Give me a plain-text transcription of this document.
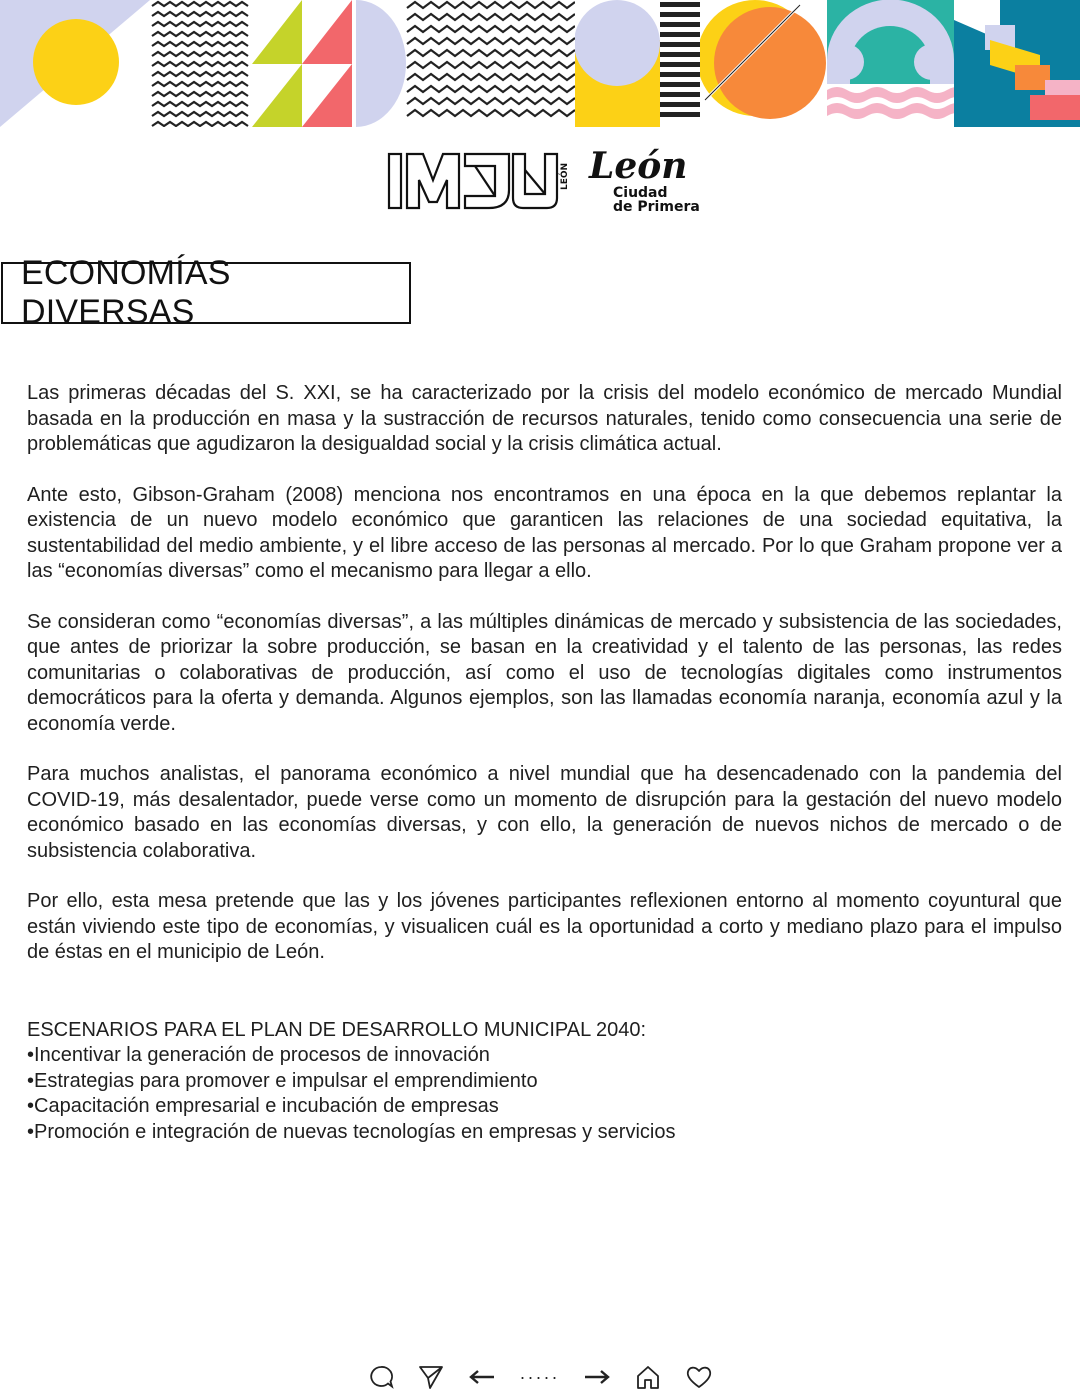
LEÓN León
Ciudad
de Primera
ECONOMÍAS DIVERSAS

Las primeras décadas del S. XXI, se ha caracterizado por la crisis del modelo económico de mercado Mundial basada en la producción en masa y la sustracción de recursos naturales, tenido como consecuencia una serie de problemáticas que agudizaron la desigualdad social y la crisis climática actual.

Ante esto, Gibson-Graham (2008) menciona nos encontramos en una época en la que debemos replantar la existencia de un nuevo modelo económico que garanticen las relaciones de una sociedad equitativa, la sustentabilidad del medio ambiente, y el libre acceso de las personas al mercado. Por lo que Graham propone ver a las “economías diversas” como el mecanismo para llegar a ello.

Se consideran como “economías diversas”, a las múltiples dinámicas de mercado y subsistencia de las sociedades, que antes de priorizar la sobre producción, se basan en la creatividad y el talento de las personas, las redes comunitarias o colaborativas de producción, así como el uso de tecnologías digitales como instrumentos democráticos para la oferta y demanda. Algunos ejemplos, son las llamadas economía naranja, economía azul y la economía verde.

Para muchos analistas, el panorama económico a nivel mundial que ha desencadenado con la pandemia del COVID-19, más desalentador, puede verse como un momento de disrupción para la gestación del nuevo modelo económico basado en las economías diversas, y con ello, la generación de nuevos nichos de mercado o de subsistencia colaborativa.

Por ello, esta mesa pretende que las y los jóvenes participantes reflexionen entorno al momento coyuntural que están viviendo este tipo de economías, y visualicen cuál es la oportunidad a corto y mediano plazo para el impulso de éstas en el municipio de León.

ESCENARIOS PARA EL PLAN DE DESARROLLO MUNICIPAL 2040:
• Incentivar la generación de procesos de innovación
• Estrategias para promover e impulsar el emprendimiento
• Capacitación empresarial e incubación de empresas
• Promoción e integración de nuevas tecnologías en empresas y servicios
·····
